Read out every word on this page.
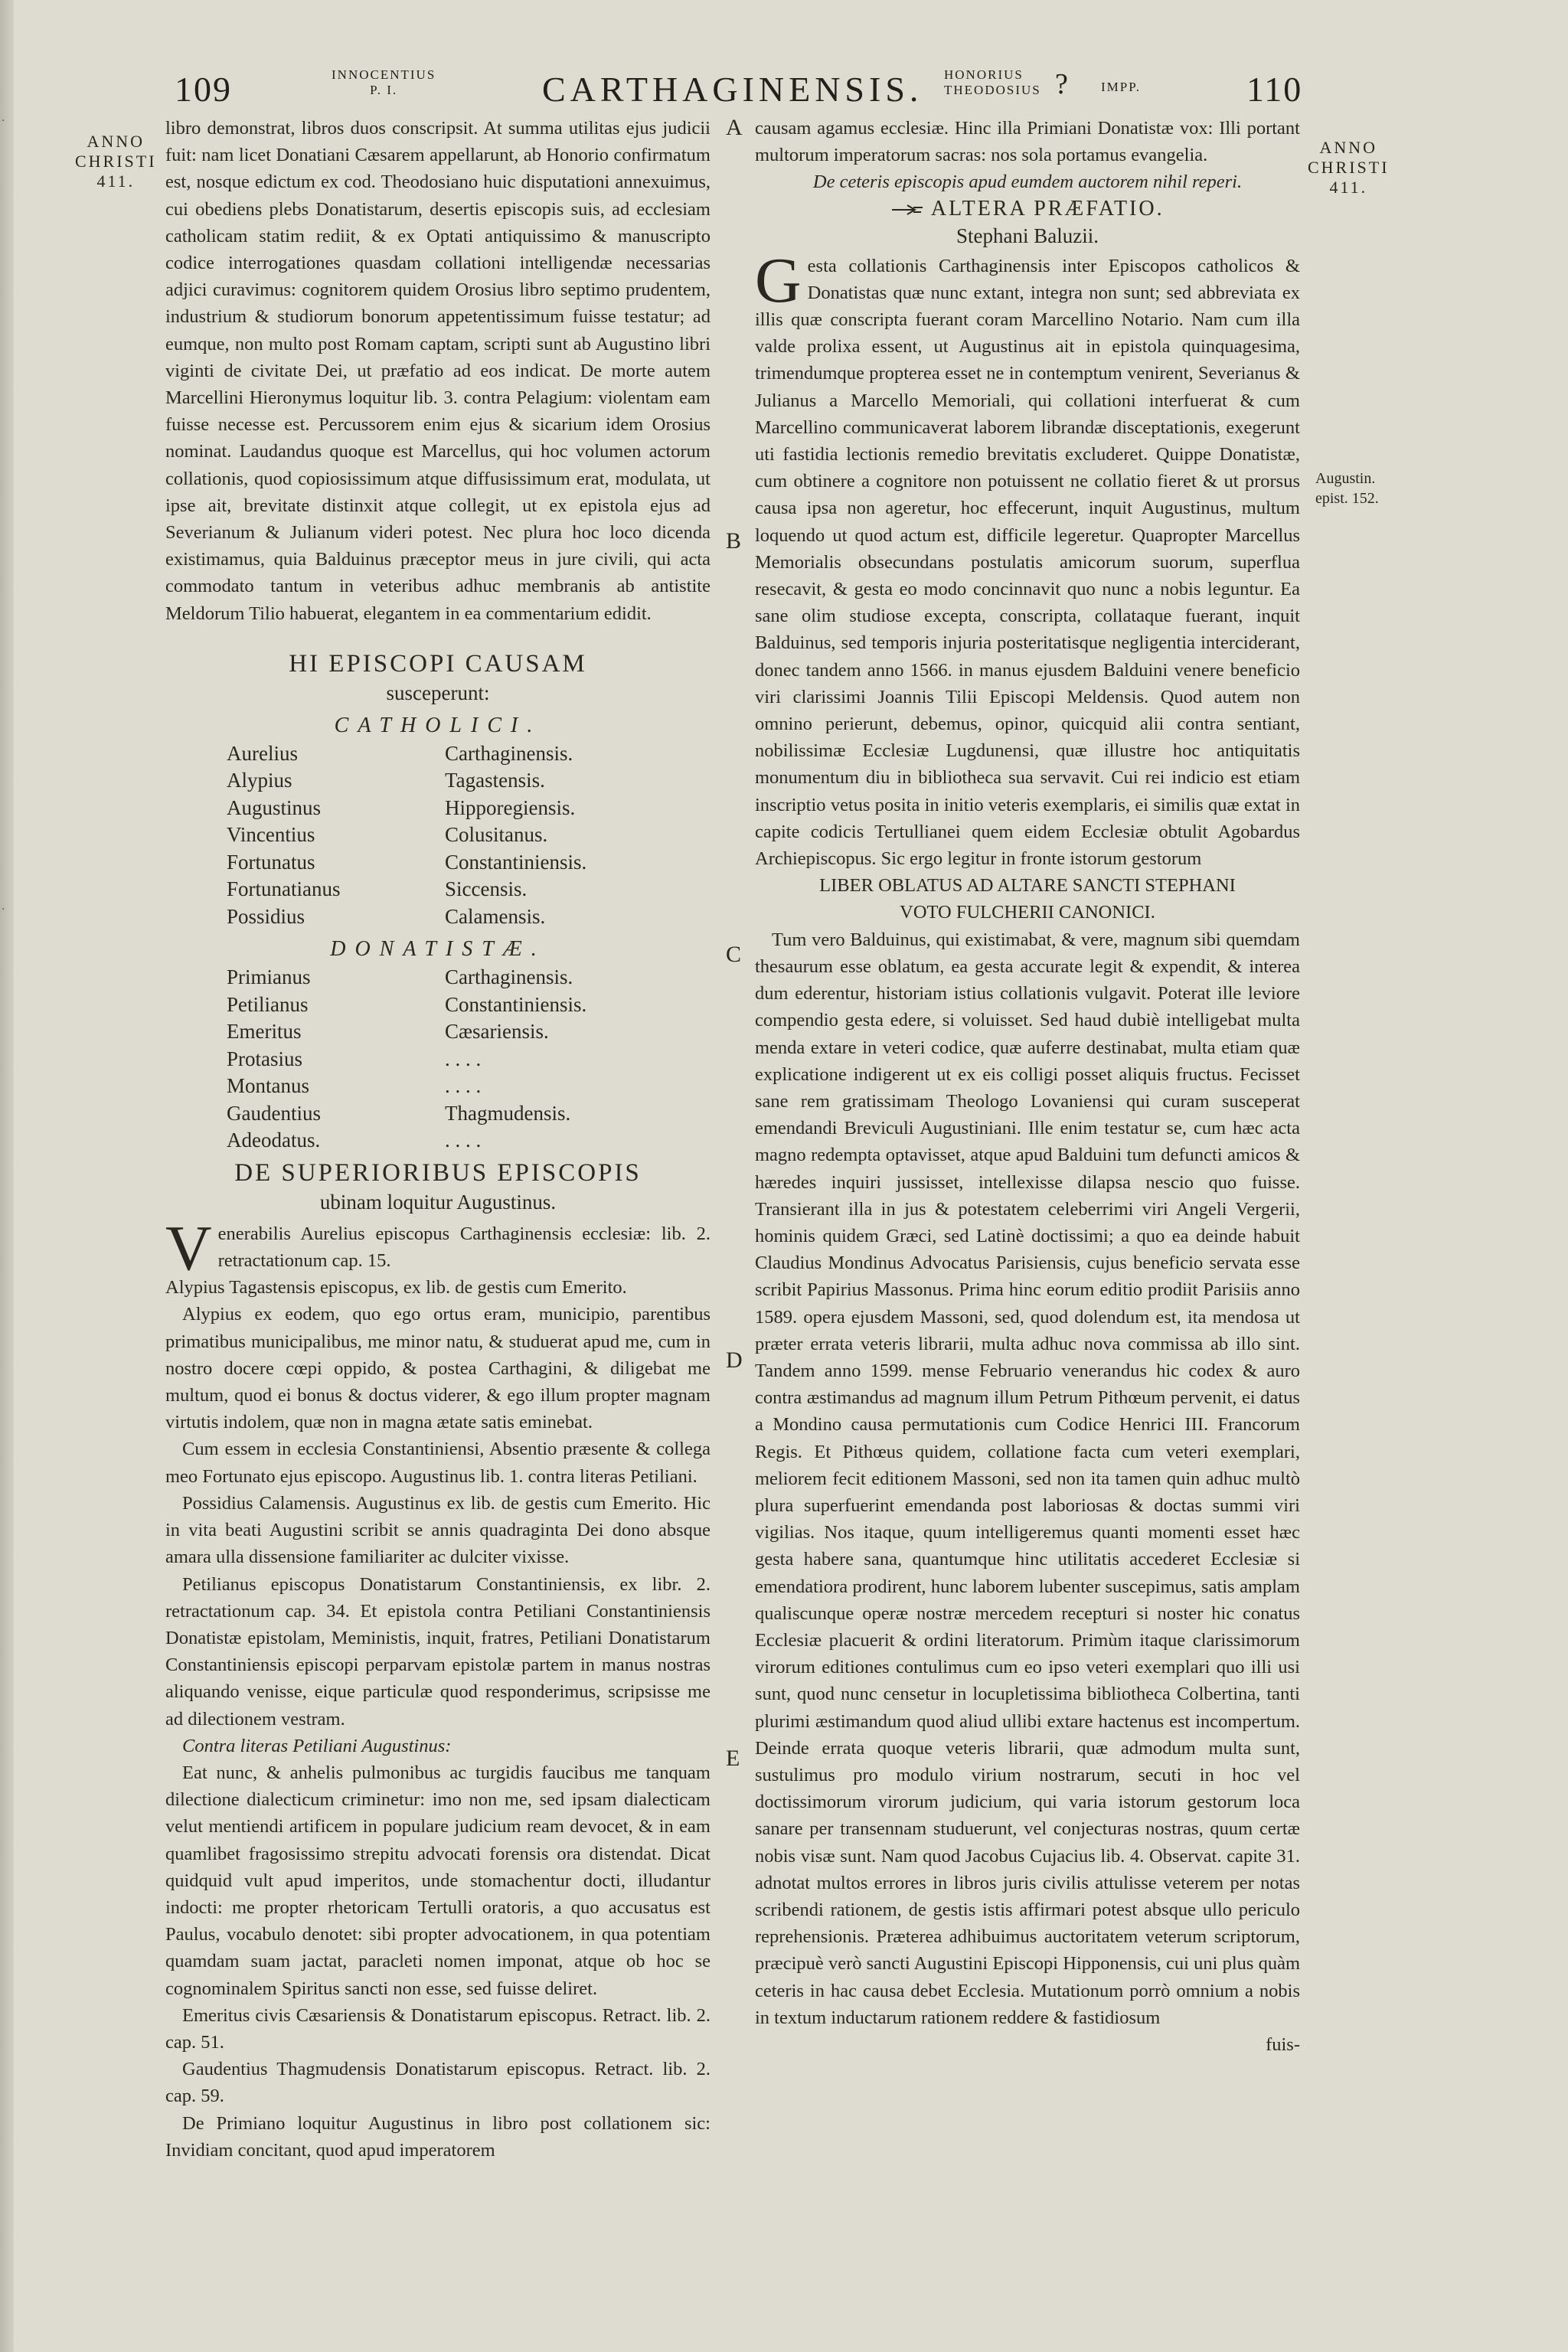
·
·
109	INNOCENTIUS
P. I.	CARTHAGINENSIS. HONORIUS
THEODOSIUS ?	IMPP.	110
ANNO
CHRISTI
411.
ANNO
CHRISTI
411.
Augustin.
epist. 152.
A
B
C
D
E

libro demonstrat, libros duos conscripsit. At summa utilitas ejus judicii fuit: nam licet Donatiani Cæsarem appellarunt, ab Honorio confirmatum est, nosque edictum ex cod. Theodosiano huic disputationi annexuimus, cui obediens plebs Donatistarum, desertis episcopis suis, ad ecclesiam catholicam statim rediit, & ex Optati antiquissimo & manuscripto codice interrogationes quasdam collationi intelligendæ necessarias adjici curavimus: cognitorem quidem Orosius libro septimo prudentem, industrium & studiorum bonorum appetentissimum fuisse testatur; ad eumque, non multo post Romam captam, scripti sunt ab Augustino libri viginti de civitate Dei, ut præfatio ad eos indicat. De morte autem Marcellini Hieronymus loquitur lib. 3. contra Pelagium: violentam eam fuisse necesse est. Percussorem enim ejus & sicarium idem Orosius nominat. Laudandus quoque est Marcellus, qui hoc volumen actorum collationis, quod copiosissimum atque diffusissimum erat, modulata, ut ipse ait, brevitate distinxit atque collegit, ut ex epistola ejus ad Severianum & Julianum videri potest. Nec plura hoc loco dicenda existimamus, quia Balduinus præceptor meus in jure civili, qui acta commodato tantum in veteribus adhuc membranis ab antistite Meldorum Tilio habuerat, elegantem in ea commentarium edidit.

HI EPISCOPI CAUSAM
susceperunt:
CATHOLICI.
Aurelius	Carthaginensis.
Alypius	Tagastensis.
Augustinus	Hipporegiensis.
Vincentius	Colusitanus.
Fortunatus	Constantiniensis.
Fortunatianus	Siccensis.
Possidius	Calamensis.
DONATISTÆ.
Primianus	Carthaginensis.
Petilianus	Constantiniensis.
Emeritus	Cæsariensis.
Protasius	. . . .
Montanus	. . . .
Gaudentius	Thagmudensis.
Adeodatus.	. . . .
DE SUPERIORIBUS EPISCOPIS
ubinam loquitur Augustinus.

Venerabilis Aurelius episcopus Carthaginensis ecclesiæ: lib. 2. retractationum cap. 15.

Alypius Tagastensis episcopus, ex lib. de gestis cum Emerito.

Alypius ex eodem, quo ego ortus eram, municipio, parentibus primatibus municipalibus, me minor natu, & studuerat apud me, cum in nostro docere cœpi oppido, & postea Carthagini, & diligebat me multum, quod ei bonus & doctus viderer, & ego illum propter magnam virtutis indolem, quæ non in magna ætate satis eminebat.

Cum essem in ecclesia Constantiniensi, Absentio præsente & collega meo Fortunato ejus episcopo. Augustinus lib. 1. contra literas Petiliani.

Possidius Calamensis. Augustinus ex lib. de gestis cum Emerito. Hic in vita beati Augustini scribit se annis quadraginta Dei dono absque amara ulla dissensione familiariter ac dulciter vixisse.

Petilianus episcopus Donatistarum Constantiniensis, ex libr. 2. retractationum cap. 34. Et epistola contra Petiliani Constantiniensis Donatistæ epistolam, Meministis, inquit, fratres, Petiliani Donatistarum Constantiniensis episcopi perparvam epistolæ partem in manus nostras aliquando venisse, eique particulæ quod responderimus, scripsisse me ad dilectionem vestram.

Contra literas Petiliani Augustinus:

Eat nunc, & anhelis pulmonibus ac turgidis faucibus me tanquam dilectione dialecticum criminetur: imo non me, sed ipsam dialecticam velut mentiendi artificem in populare judicium ream devocet, & in eam quamlibet fragosissimo strepitu advocati forensis ora distendat. Dicat quidquid vult apud imperitos, unde stomachentur docti, illudantur indocti: me propter rhetoricam Tertulli oratoris, a quo accusatus est Paulus, vocabulo denotet: sibi propter advocationem, in qua potentiam quamdam suam jactat, paracleti nomen imponat, atque ob hoc se cognominalem Spiritus sancti non esse, sed fuisse deliret.

Emeritus civis Cæsariensis & Donatistarum episcopus. Retract. lib. 2. cap. 51.

Gaudentius Thagmudensis Donatistarum episcopus. Retract. lib. 2. cap. 59.

De Primiano loquitur Augustinus in libro post collationem sic: Invidiam concitant, quod apud imperatorem

causam agamus ecclesiæ. Hinc illa Primiani Donatistæ vox: Illi portant multorum imperatorum sacras: nos sola portamus evangelia.

De ceteris episcopis apud eumdem auctorem nihil reperi.

ALTERA PRÆFATIO.
Stephani Baluzii.

Gesta collationis Carthaginensis inter Episcopos catholicos & Donatistas quæ nunc extant, integra non sunt; sed abbreviata ex illis quæ conscripta fuerant coram Marcellino Notario. Nam cum illa valde prolixa essent, ut Augustinus ait in epistola quinquagesima, trimendumque propterea esset ne in contemptum venirent, Severianus & Julianus a Marcello Memoriali, qui collationi interfuerat & cum Marcellino communicaverat laborem librandæ disceptationis, exegerunt uti fastidia lectionis remedio brevitatis excluderet. Quippe Donatistæ, cum obtinere a cognitore non potuissent ne collatio fieret & ut prorsus causa ipsa non ageretur, hoc effecerunt, inquit Augustinus, multum loquendo ut quod actum est, difficile legeretur. Quapropter Marcellus Memorialis obsecundans postulatis amicorum suorum, superflua resecavit, & gesta eo modo concinnavit quo nunc a nobis leguntur. Ea sane olim studiose excepta, conscripta, collataque fuerant, inquit Balduinus, sed temporis injuria posteritatisque negligentia interciderant, donec tandem anno 1566. in manus ejusdem Balduini venere beneficio viri clarissimi Joannis Tilii Episcopi Meldensis. Quod autem non omnino perierunt, debemus, opinor, quicquid alii contra sentiant, nobilissimæ Ecclesiæ Lugdunensi, quæ illustre hoc antiquitatis monumentum diu in bibliotheca sua servavit. Cui rei indicio est etiam inscriptio vetus posita in initio veteris exemplaris, ei similis quæ extat in capite codicis Tertullianei quem eidem Ecclesiæ obtulit Agobardus Archiepiscopus. Sic ergo legitur in fronte istorum gestorum

LIBER OBLATUS AD ALTARE SANCTI STEPHANI

VOTO FULCHERII CANONICI.

Tum vero Balduinus, qui existimabat, & vere, magnum sibi quemdam thesaurum esse oblatum, ea gesta accurate legit & expendit, & interea dum ederentur, historiam istius collationis vulgavit. Poterat ille leviore compendio gesta edere, si voluisset. Sed haud dubiè intelligebat multa menda extare in veteri codice, quæ auferre destinabat, multa etiam quæ explicatione indigerent ut ex eis colligi posset aliquis fructus. Fecisset sane rem gratissimam Theologo Lovaniensi qui curam susceperat emendandi Breviculi Augustiniani. Ille enim testatur se, cum hæc acta magno redempta optavisset, atque apud Balduini tum defuncti amicos & hæredes inquiri jussisset, intellexisse dilapsa nescio quo fuisse. Transierant illa in jus & potestatem celeberrimi viri Angeli Vergerii, hominis quidem Græci, sed Latinè doctissimi; a quo ea deinde habuit Claudius Mondinus Advocatus Parisiensis, cujus beneficio servata esse scribit Papirius Massonus. Prima hinc eorum editio prodiit Parisiis anno 1589. opera ejusdem Massoni, sed, quod dolendum est, ita mendosa ut præter errata veteris librarii, multa adhuc nova commissa ab illo sint. Tandem anno 1599. mense Februario venerandus hic codex & auro contra æstimandus ad magnum illum Petrum Pithœum pervenit, ei datus a Mondino causa permutationis cum Codice Henrici III. Francorum Regis. Et Pithœus quidem, collatione facta cum veteri exemplari, meliorem fecit editionem Massoni, sed non ita tamen quin adhuc multò plura superfuerint emendanda post laboriosas & doctas summi viri vigilias. Nos itaque, quum intelligeremus quanti momenti esset hæc gesta habere sana, quantumque hinc utilitatis accederet Ecclesiæ si emendatiora prodirent, hunc laborem lubenter suscepimus, satis amplam qualiscunque operæ nostræ mercedem recepturi si noster hic conatus Ecclesiæ placuerit & ordini literatorum. Primùm itaque clarissimorum virorum editiones contulimus cum eo ipso veteri exemplari quo illi usi sunt, quod nunc censetur in locupletissima bibliotheca Colbertina, tanti plurimi æstimandum quod aliud ullibi extare hactenus est incompertum. Deinde errata quoque veteris librarii, quæ admodum multa sunt, sustulimus pro modulo virium nostrarum, secuti in hoc vel doctissimorum virorum judicium, qui varia istorum gestorum loca sanare per transennam studuerunt, vel conjecturas nostras, quum certæ nobis visæ sunt. Nam quod Jacobus Cujacius lib. 4. Observat. capite 31. adnotat multos errores in libros juris civilis attulisse veterem per notas scribendi rationem, de gestis istis affirmari potest absque ullo periculo reprehensionis. Præterea adhibuimus auctoritatem veterum scriptorum, præcipuè verò sancti Augustini Episcopi Hipponensis, cui uni plus quàm ceteris in hac causa debet Ecclesia. Mutationum porrò omnium a nobis in textum inductarum rationem reddere & fastidiosum

fuis-
